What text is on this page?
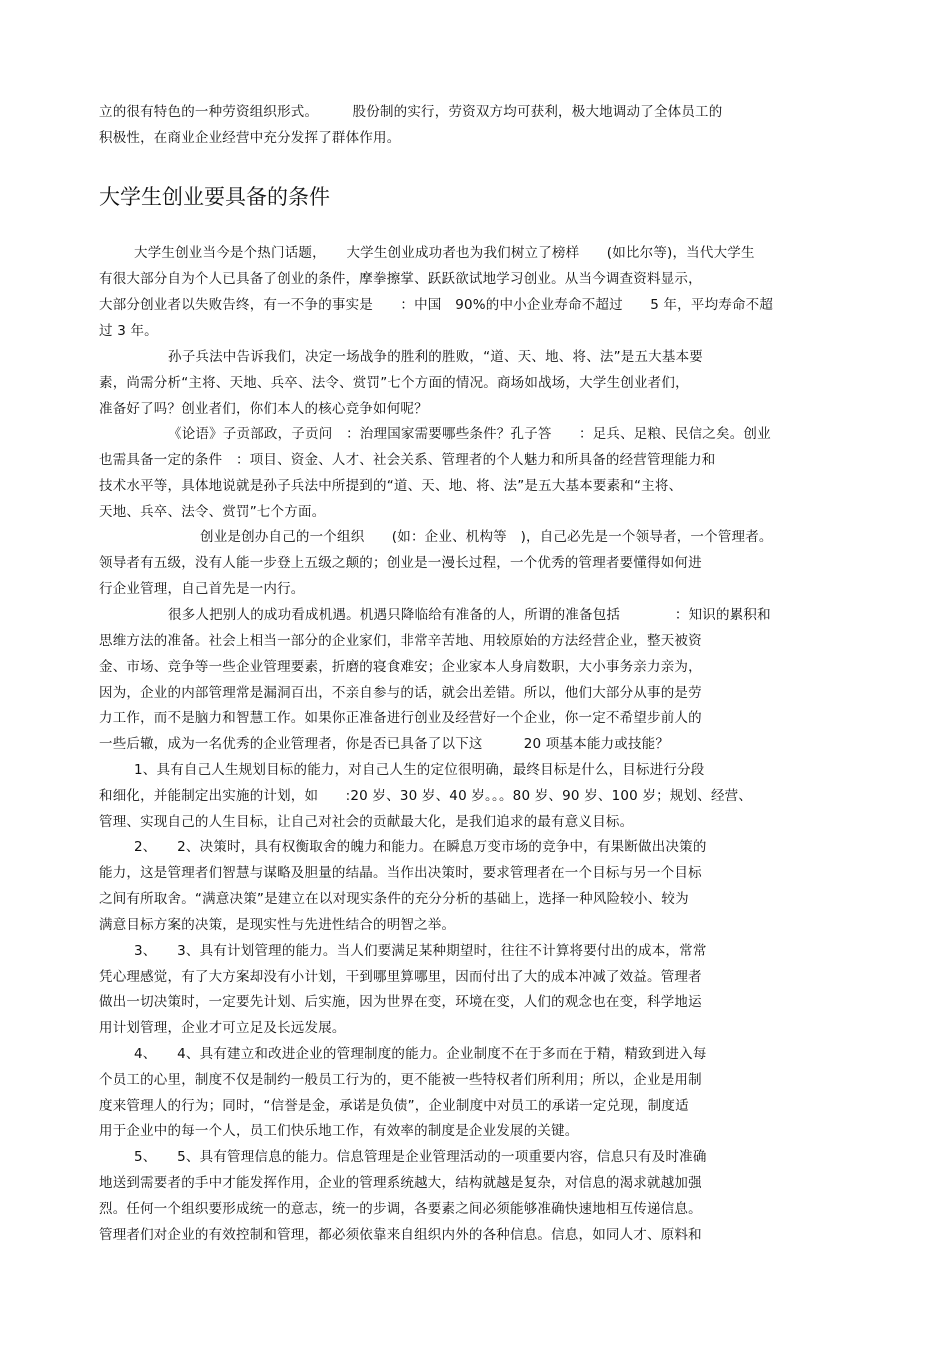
立的很有特色的一种劳资组织形式。　　　股份制的实行，劳资双方均可获利，极大地调动了全体员工的
积极性，在商业企业经营中充分发挥了群体作用。
大学生创业要具备的条件
大学生创业当今是个热门话题，　　大学生创业成功者也为我们树立了榜样　　(如比尔等)，当代大学生
有很大部分自为个人已具备了创业的条件，摩拳擦掌、跃跃欲试地学习创业。从当今调查资料显示，
大部分创业者以失败告终，有一不争的事实是　　：中国　90%的中小企业寿命不超过　　5 年，平均寿命不超
过 3 年。
孙子兵法中告诉我们，决定一场战争的胜利的胜败，“道、天、地、将、法”是五大基本要
素，尚需分析“主将、天地、兵卒、法令、赏罚”七个方面的情况。商场如战场，大学生创业者们，
准备好了吗？创业者们，你们本人的核心竞争如何呢？
《论语》子贡部政，子贡问　：治理国家需要哪些条件？孔子答　　：足兵、足粮、民信之矣。创业
也需具备一定的条件　：项目、资金、人才、社会关系、管理者的个人魅力和所具备的经营管理能力和
技术水平等，具体地说就是孙子兵法中所提到的“道、天、地、将、法”是五大基本要素和“主将、
天地、兵卒、法令、赏罚”七个方面。
创业是创办自己的一个组织　　(如：企业、机构等　)，自己必先是一个领导者，一个管理者。
领导者有五级，没有人能一步登上五级之颠的；创业是一漫长过程，一个优秀的管理者要懂得如何进
行企业管理，自己首先是一内行。
很多人把别人的成功看成机遇。机遇只降临给有准备的人，所谓的准备包括　　　　：知识的累积和
思维方法的准备。社会上相当一部分的企业家们，非常辛苦地、用较原始的方法经营企业，整天被资
金、市场、竞争等一些企业管理要素，折磨的寝食难安；企业家本人身肩数职，大小事务亲力亲为，
因为，企业的内部管理常是漏洞百出，不亲自参与的话，就会出差错。所以，他们大部分从事的是劳
力工作，而不是脑力和智慧工作。如果你正准备进行创业及经营好一个企业，你一定不希望步前人的
一些后辙，成为一名优秀的企业管理者，你是否已具备了以下这　　　20 项基本能力或技能？
1、具有自己人生规划目标的能力，对自己人生的定位很明确，最终目标是什么，目标进行分段
和细化，并能制定出实施的计划，如　　:20 岁、30 岁、40 岁。。。80 岁、90 岁、100 岁；规划、经营、
管理、实现自己的人生目标，让自己对社会的贡献最大化，是我们追求的最有意义目标。
2、　　2、决策时，具有权衡取舍的魄力和能力。在瞬息万变市场的竞争中，有果断做出决策的
能力，这是管理者们智慧与谋略及胆量的结晶。当作出决策时，要求管理者在一个目标与另一个目标
之间有所取舍。“满意决策”是建立在以对现实条件的充分分析的基础上，选择一种风险较小、较为
满意目标方案的决策，是现实性与先进性结合的明智之举。
3、　　3、具有计划管理的能力。当人们要满足某种期望时，往往不计算将要付出的成本，常常
凭心理感觉，有了大方案却没有小计划，干到哪里算哪里，因而付出了大的成本冲减了效益。管理者
做出一切决策时，一定要先计划、后实施，因为世界在变，环境在变，人们的观念也在变，科学地运
用计划管理，企业才可立足及长远发展。
4、　　4、具有建立和改进企业的管理制度的能力。企业制度不在于多而在于精，精致到进入每
个员工的心里，制度不仅是制约一般员工行为的，更不能被一些特权者们所利用；所以，企业是用制
度来管理人的行为；同时，“信誉是金，承诺是负债”，企业制度中对员工的承诺一定兑现，制度适
用于企业中的每一个人，员工们快乐地工作，有效率的制度是企业发展的关键。
5、　　5、具有管理信息的能力。信息管理是企业管理活动的一项重要内容，信息只有及时准确
地送到需要者的手中才能发挥作用，企业的管理系统越大，结构就越是复杂，对信息的渴求就越加强
烈。任何一个组织要形成统一的意志，统一的步调，各要素之间必须能够准确快速地相互传递信息。
管理者们对企业的有效控制和管理，都必须依靠来自组织内外的各种信息。信息，如同人才、原料和
